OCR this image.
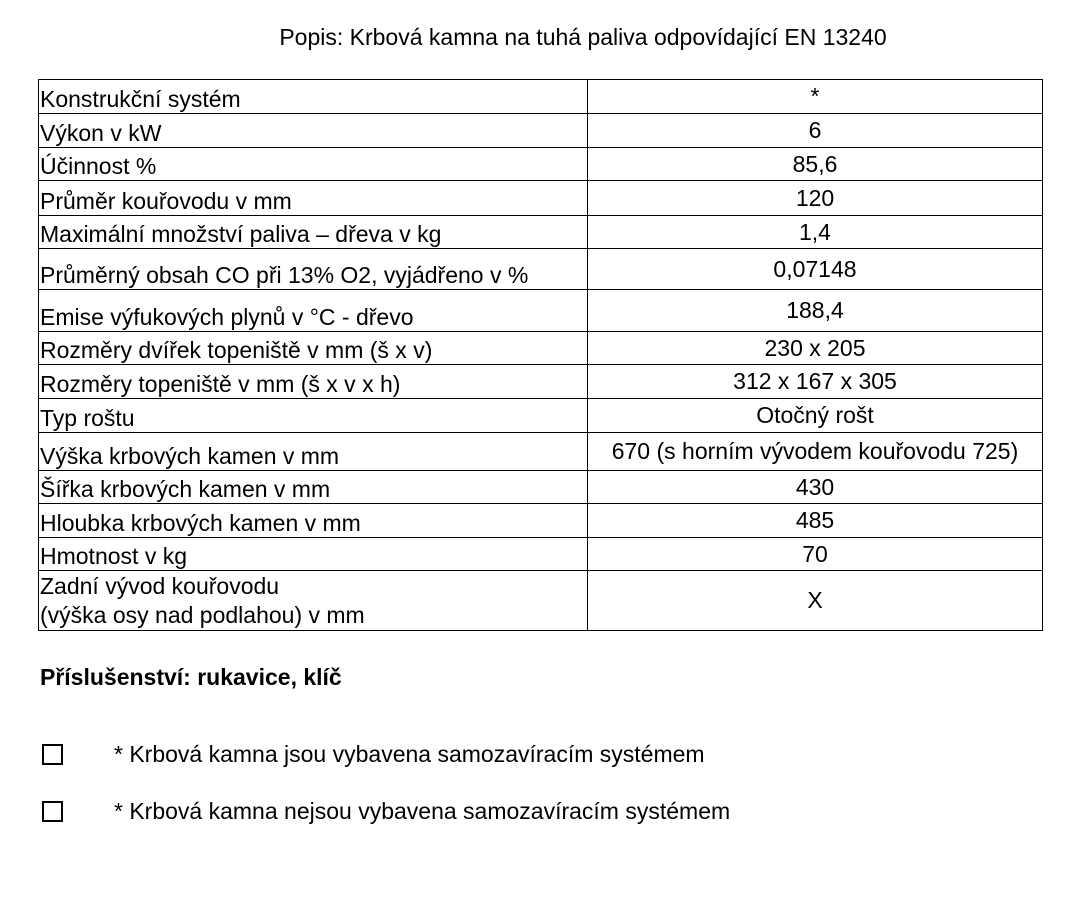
Popis: Krbová kamna na tuhá paliva odpovídající EN 13240
Konstrukční systém	*
Výkon v kW	6
Účinnost %	85,6
Průměr kouřovodu v mm	120
Maximální množství paliva – dřeva v kg	1,4
Průměrný obsah CO při 13% O2, vyjádřeno v %	0,07148
Emise výfukových plynů v °C - dřevo	188,4
Rozměry dvířek topeniště v mm (š x v)	230 x 205
Rozměry topeniště v mm (š x v x h)	312 x 167 x 305
Typ roštu	Otočný rošt
Výška krbových kamen v mm	670 (s horním vývodem kouřovodu 725)
Šířka krbových kamen v mm	430
Hloubka krbových kamen v mm	485
Hmotnost v kg	70

Zadní vývod kouřovodu
(výška osy nad podlahou) v mm	X
Příslušenství: rukavice, klíč
* Krbová kamna jsou vybavena samozavíracím systémem
* Krbová kamna nejsou vybavena samozavíracím systémem
